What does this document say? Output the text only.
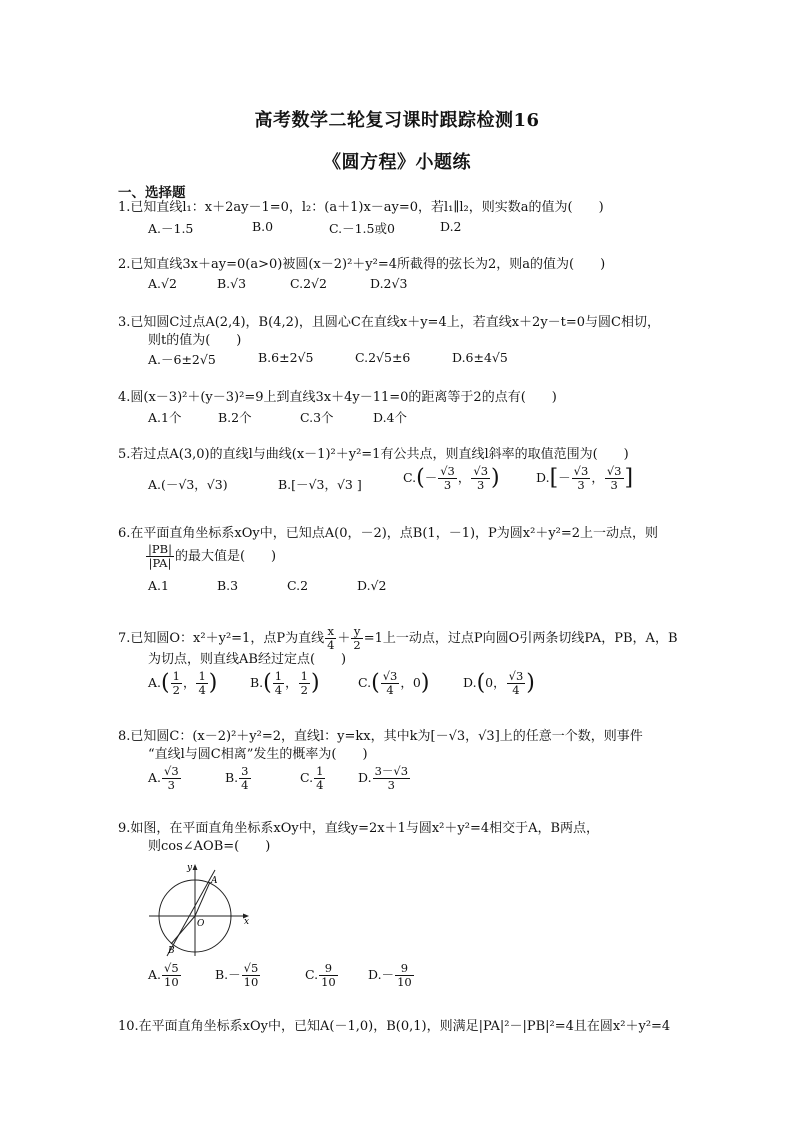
高考数学二轮复习课时跟踪检测16
《圆方程》小题练
一、选择题
1.已知直线l₁：x＋2ay－1=0，l₂：(a＋1)x－ay=0，若l₁∥l₂，则实数a的值为(　　)
A.－1.5	B.0	C.－1.5或0	D.2
2.已知直线3x＋ay=0(a>0)被圆(x－2)²＋y²=4所截得的弦长为2，则a的值为(　　)
A.√2	B.√3	C.2√2	D.2√3
3.已知圆C过点A(2,4)，B(4,2)，且圆心C在直线x＋y=4上，若直线x＋2y－t=0与圆C相切，
则t的值为(　　)
A.－6±2√5	B.6±2√5	C.2√5±6	D.6±4√5
4.圆(x－3)²＋(y－3)²=9上到直线3x＋4y－11=0的距离等于2的点有(　　)
A.1个	B.2个	C.3个	D.4个
5.若过点A(3,0)的直线l与曲线(x－1)²＋y²=1有公共点，则直线l斜率的取值范围为(　　)
A.(－√3，√3)	B.[－√3，√3 ]	$C.(- \frac{√3}{3}$ ， $\frac{√3}{3}$ )	$D.[- \frac{√3}{3}$ ， $\frac{√3}{3}$ ]
6.在平面直角坐标系xOy中，已知点A(0，－2)，点B(1，－1)，P为圆x²＋y²=2上一动点，则
$\frac{|PB|}{|PA|}$ 的最大值是(　　)
A.1	B.3	C.2	D.√2
7.已知圆O：x²＋y²=1，点P为直线 $\frac{x}{4} + \frac{y}{2} =1$上一动点，过点P向圆O引两条切线PA，PB，A，B
为切点，则直线AB经过定点(　　)
$A.( \frac{1}{2}$ ， $\frac{1}{4}$ )	$B.( \frac{1}{4}$ ， $\frac{1}{2}$ )	$C.( \frac{√3}{4}$ ，0)	D.(0， $\frac{√3}{4}$ )
8.已知圆C：(x－2)²＋y²=2，直线l：y=kx，其中k为[－√3，√3]上的任意一个数，则事件
“直线l与圆C相离”发生的概率为(　　)
A. $\frac{√3}{3}$	B. $\frac{3}{4}$	C. $\frac{1}{4}$	D. $\frac{3-√3}{3}$
9.如图，在平面直角坐标系xOy中，直线y=2x＋1与圆x²＋y²=4相交于A，B两点，
则cos∠AOB=(　　)
y
x
O
A
B
A. $\frac{√5}{10}$	$B.- \frac{√5}{10}$	C. $\frac{9}{10} D.- \frac{9}{10}$
10.在平面直角坐标系xOy中，已知A(－1,0)，B(0,1)，则满足|PA|²－|PB|²=4且在圆x²＋y²=4
